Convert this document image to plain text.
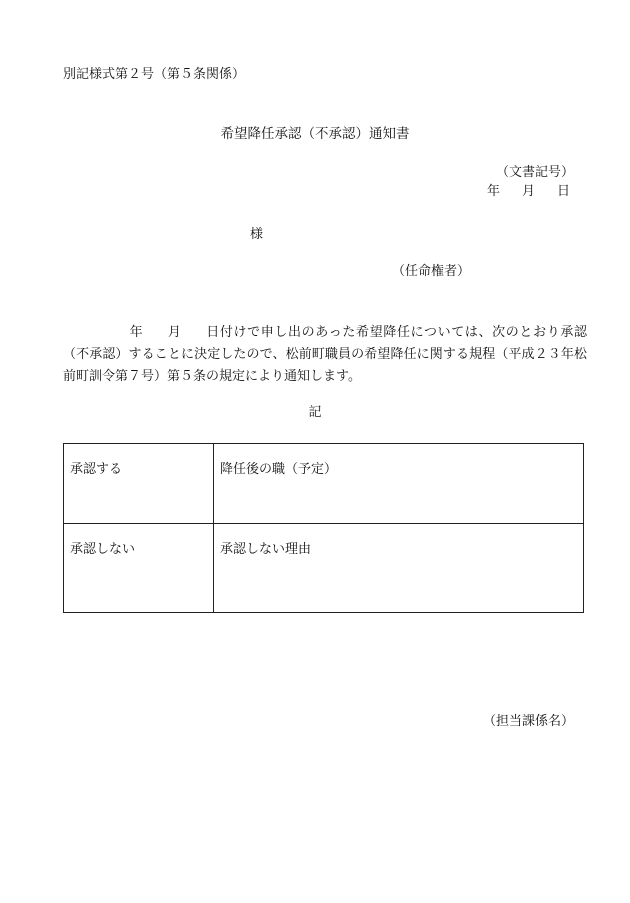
別記様式第２号（第５条関係）
希望降任承認（不承認）通知書
（文書記号）
年 月 日
様
（任命権者）
年 月 日付けで申し出のあった希望降任については、次のとおり承認（不承認）することに決定したので、松前町職員の希望降任に関する規程（平成２３年松前町訓令第７号）第５条の規定により通知します。
記
承認する	降任後の職（予定）
承認しない	承認しない理由
（担当課係名）
